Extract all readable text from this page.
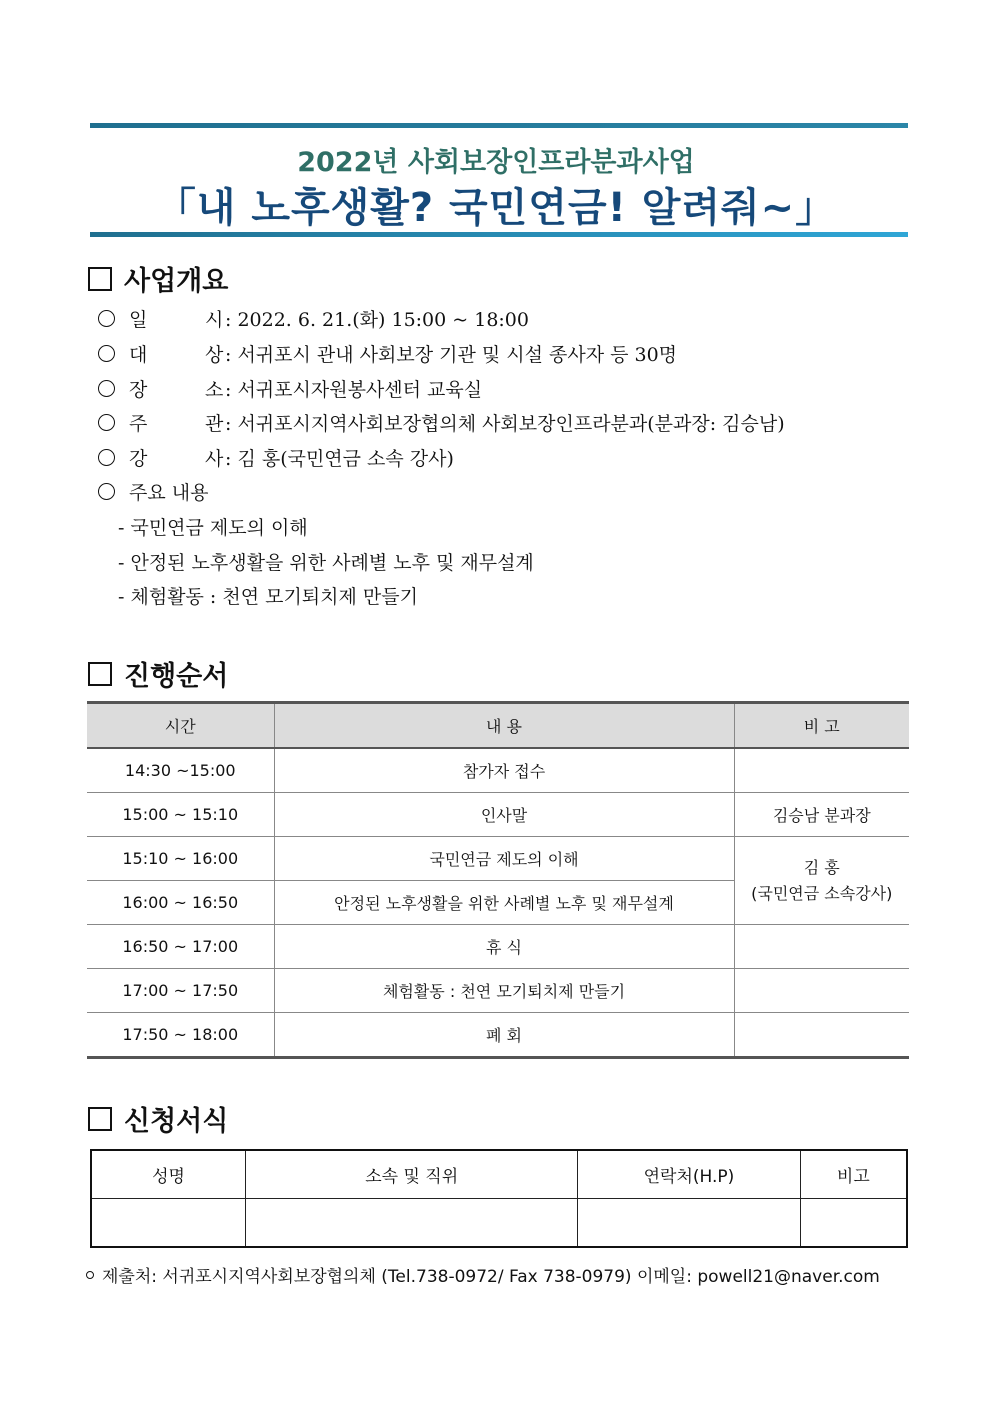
2022년 사회보장인프라분과사업
「내 노후생활? 국민연금! 알려줘~」
사업개요
일	시: 2022. 6. 21.(화) 15:00 ~ 18:00
대	상: 서귀포시 관내 사회보장 기관 및 시설 종사자 등 30명
장	소: 서귀포시자원봉사센터 교육실
주	관: 서귀포시지역사회보장협의체 사회보장인프라분과(분과장: 김승남)
강	사: 김 홍(국민연금 소속 강사)
주요 내용
- 국민연금 제도의 이해
- 안정된 노후생활을 위한 사례별 노후 및 재무설계
- 체험활동 : 천연 모기퇴치제 만들기
진행순서
시간	내 용	비 고
14:30 ~15:00	참가자 접수	
15:00 ~ 15:10	인사말	김승남 분과장
15:10 ~ 16:00	국민연금 제도의 이해	김 홍
(국민연금 소속강사)

16:00 ~ 16:50	안정된 노후생활을 위한 사례별 노후 및 재무설계	
16:50 ~ 17:00	휴 식	
17:00 ~ 17:50	체험활동 : 천연 모기퇴치제 만들기	
17:50 ~ 18:00	폐 회	
신청서식
성명	소속 및 직위	연락처(H.P)	비고

제출처: 서귀포시지역사회보장협의체 (Tel.738-0972/ Fax 738-0979) 이메일: powell21@naver.com
